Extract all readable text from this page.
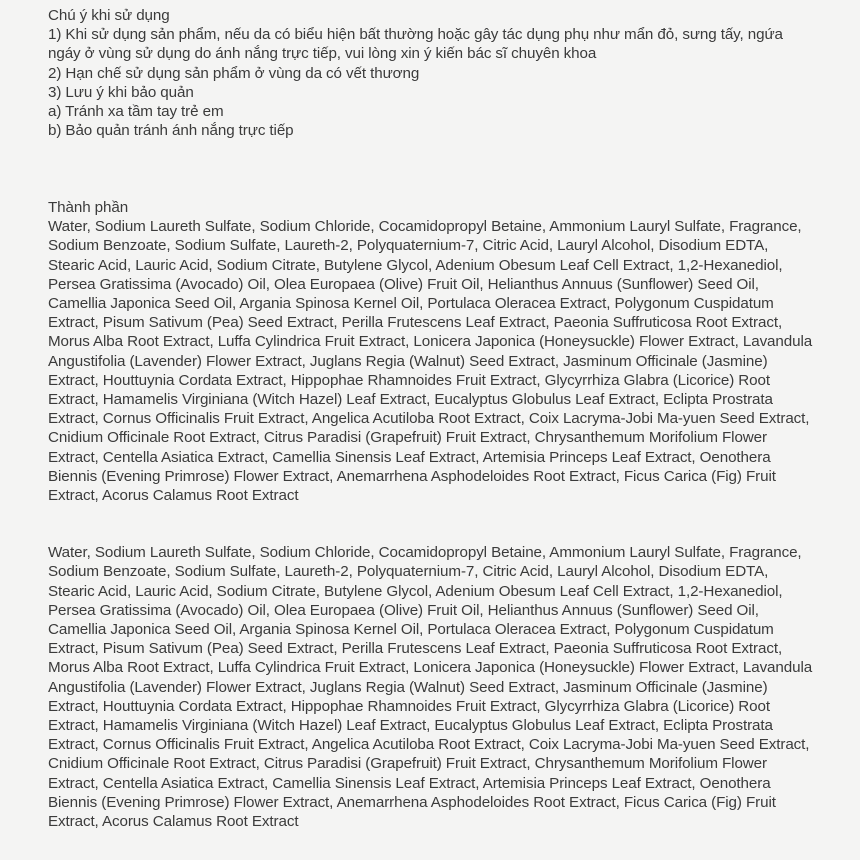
Chú ý khi sử dụng

1) Khi sử dụng sản phẩm, nếu da có biểu hiện bất thường hoặc gây tác dụng phụ như mẩn đỏ, sưng tấy, ngứa ngáy ở vùng sử dụng do ánh nắng trực tiếp, vui lòng xin ý kiến bác sĩ chuyên khoa

2) Hạn chế sử dụng sản phẩm ở vùng da có vết thương

3) Lưu ý khi bảo quản

a) Tránh xa tầm tay trẻ em

b) Bảo quản tránh ánh nắng trực tiếp

Thành phần

Water, Sodium Laureth Sulfate, Sodium Chloride, Cocamidopropyl Betaine, Ammonium Lauryl Sulfate, Fragrance, Sodium Benzoate, Sodium Sulfate, Laureth-2, Polyquaternium-7, Citric Acid, Lauryl Alcohol, Disodium EDTA, Stearic Acid, Lauric Acid, Sodium Citrate, Butylene Glycol, Adenium Obesum Leaf Cell Extract, 1,2-Hexanediol, Persea Gratissima (Avocado) Oil, Olea Europaea (Olive) Fruit Oil, Helianthus Annuus (Sunflower) Seed Oil, Camellia Japonica Seed Oil, Argania Spinosa Kernel Oil, Portulaca Oleracea Extract, Polygonum Cuspidatum Extract, Pisum Sativum (Pea) Seed Extract, Perilla Frutescens Leaf Extract, Paeonia Suffruticosa Root Extract, Morus Alba Root Extract, Luffa Cylindrica Fruit Extract, Lonicera Japonica (Honeysuckle) Flower Extract, Lavandula Angustifolia (Lavender) Flower Extract, Juglans Regia (Walnut) Seed Extract, Jasminum Officinale (Jasmine) Extract, Houttuynia Cordata Extract, Hippophae Rhamnoides Fruit Extract, Glycyrrhiza Glabra (Licorice) Root Extract, Hamamelis Virginiana (Witch Hazel) Leaf Extract, Eucalyptus Globulus Leaf Extract, Eclipta Prostrata Extract, Cornus Officinalis Fruit Extract, Angelica Acutiloba Root Extract, Coix Lacryma-Jobi Ma-yuen Seed Extract, Cnidium Officinale Root Extract, Citrus Paradisi (Grapefruit) Fruit Extract, Chrysanthemum Morifolium Flower Extract, Centella Asiatica Extract, Camellia Sinensis Leaf Extract, Artemisia Princeps Leaf Extract, Oenothera Biennis (Evening Primrose) Flower Extract, Anemarrhena Asphodeloides Root Extract, Ficus Carica (Fig) Fruit Extract, Acorus Calamus Root Extract

Water, Sodium Laureth Sulfate, Sodium Chloride, Cocamidopropyl Betaine, Ammonium Lauryl Sulfate, Fragrance, Sodium Benzoate, Sodium Sulfate, Laureth-2, Polyquaternium-7, Citric Acid, Lauryl Alcohol, Disodium EDTA, Stearic Acid, Lauric Acid, Sodium Citrate, Butylene Glycol, Adenium Obesum Leaf Cell Extract, 1,2-Hexanediol, Persea Gratissima (Avocado) Oil, Olea Europaea (Olive) Fruit Oil, Helianthus Annuus (Sunflower) Seed Oil, Camellia Japonica Seed Oil, Argania Spinosa Kernel Oil, Portulaca Oleracea Extract, Polygonum Cuspidatum Extract, Pisum Sativum (Pea) Seed Extract, Perilla Frutescens Leaf Extract, Paeonia Suffruticosa Root Extract, Morus Alba Root Extract, Luffa Cylindrica Fruit Extract, Lonicera Japonica (Honeysuckle) Flower Extract, Lavandula Angustifolia (Lavender) Flower Extract, Juglans Regia (Walnut) Seed Extract, Jasminum Officinale (Jasmine) Extract, Houttuynia Cordata Extract, Hippophae Rhamnoides Fruit Extract, Glycyrrhiza Glabra (Licorice) Root Extract, Hamamelis Virginiana (Witch Hazel) Leaf Extract, Eucalyptus Globulus Leaf Extract, Eclipta Prostrata Extract, Cornus Officinalis Fruit Extract, Angelica Acutiloba Root Extract, Coix Lacryma-Jobi Ma-yuen Seed Extract, Cnidium Officinale Root Extract, Citrus Paradisi (Grapefruit) Fruit Extract, Chrysanthemum Morifolium Flower Extract, Centella Asiatica Extract, Camellia Sinensis Leaf Extract, Artemisia Princeps Leaf Extract, Oenothera Biennis (Evening Primrose) Flower Extract, Anemarrhena Asphodeloides Root Extract, Ficus Carica (Fig) Fruit Extract, Acorus Calamus Root Extract
